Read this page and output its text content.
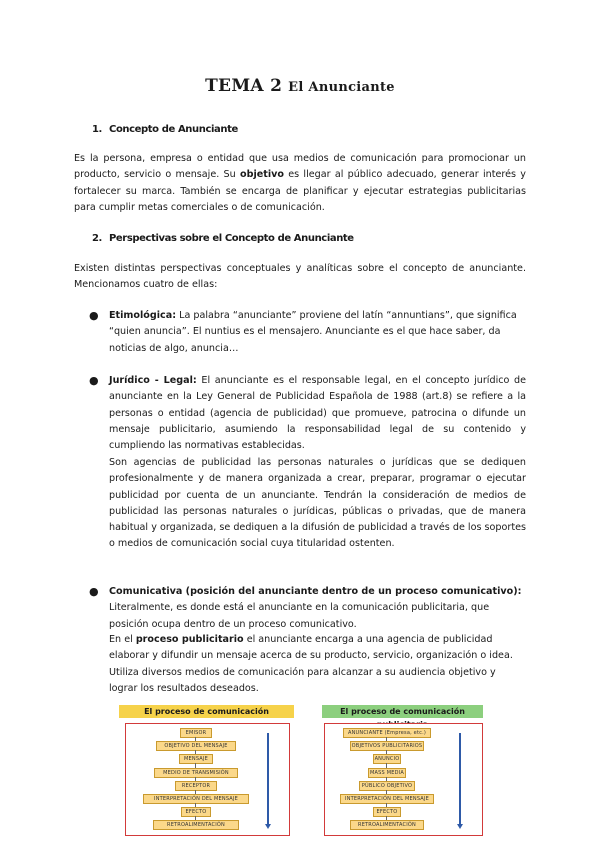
TEMA 2 El Anunciante
1. Concepto de Anunciante

Es la persona, empresa o entidad que usa medios de comunicación para promocionar un producto, servicio o mensaje. Su objetivo es llegar al público adecuado, generar interés y fortalecer su marca. También se encarga de planificar y ejecutar estrategias publicitarias para cumplir metas comerciales o de comunicación.

2. Perspectivas sobre el Concepto de Anunciante

Existen distintas perspectivas conceptuales y analíticas sobre el concepto de anunciante. Mencionamos cuatro de ellas:

● Etimológica: La palabra “anunciante” proviene del latín “annuntians”, que significa “quien anuncia”. El nuntius es el mensajero. Anunciante es el que hace saber, da noticias de algo, anuncia…

● Jurídico - Legal: El anunciante es el responsable legal, en el concepto jurídico de anunciante en la Ley General de Publicidad Española de 1988 (art.8) se refiere a la personas o entidad (agencia de publicidad) que promueve, patrocina o difunde un mensaje publicitario, asumiendo la responsabilidad legal de su contenido y cumpliendo las normativas establecidas.

Son agencias de publicidad las personas naturales o jurídicas que se dediquen profesionalmente y de manera organizada a crear, preparar, programar o ejecutar publicidad por cuenta de un anunciante. Tendrán la consideración de medios de publicidad las personas naturales o jurídicas, públicas o privadas, que de manera habitual y organizada, se dediquen a la difusión de publicidad a través de los soportes o medios de comunicación social cuya titularidad ostenten.

● Comunicativa (posición del anunciante dentro de un proceso comunicativo): Literalmente, es donde está el anunciante en la comunicación publicitaria, que posición ocupa dentro de un proceso comunicativo.

En el proceso publicitario el anunciante encarga a una agencia de publicidad elaborar y difundir un mensaje acerca de su producto, servicio, organización o idea. Utiliza diversos medios de comunicación para alcanzar a su audiencia objetivo y lograr los resultados deseados.

El proceso de comunicación
EMISOR
OBJETIVO DEL MENSAJE
MENSAJE
MEDIO DE TRANSMISIÓN
RECEPTOR
INTERPRETACIÓN DEL MENSAJE
EFECTO
RETROALIMENTACIÓN
El proceso de comunicación
ANUNCIANTE (Empresa, etc.)
OBJETIVOS PUBLICITARIOS
ANUNCIO
MASS MEDIA
PÚBLICO OBJETIVO
INTERPRETACIÓN DEL MENSAJE
EFECTO
RETROALIMENTACIÓN
